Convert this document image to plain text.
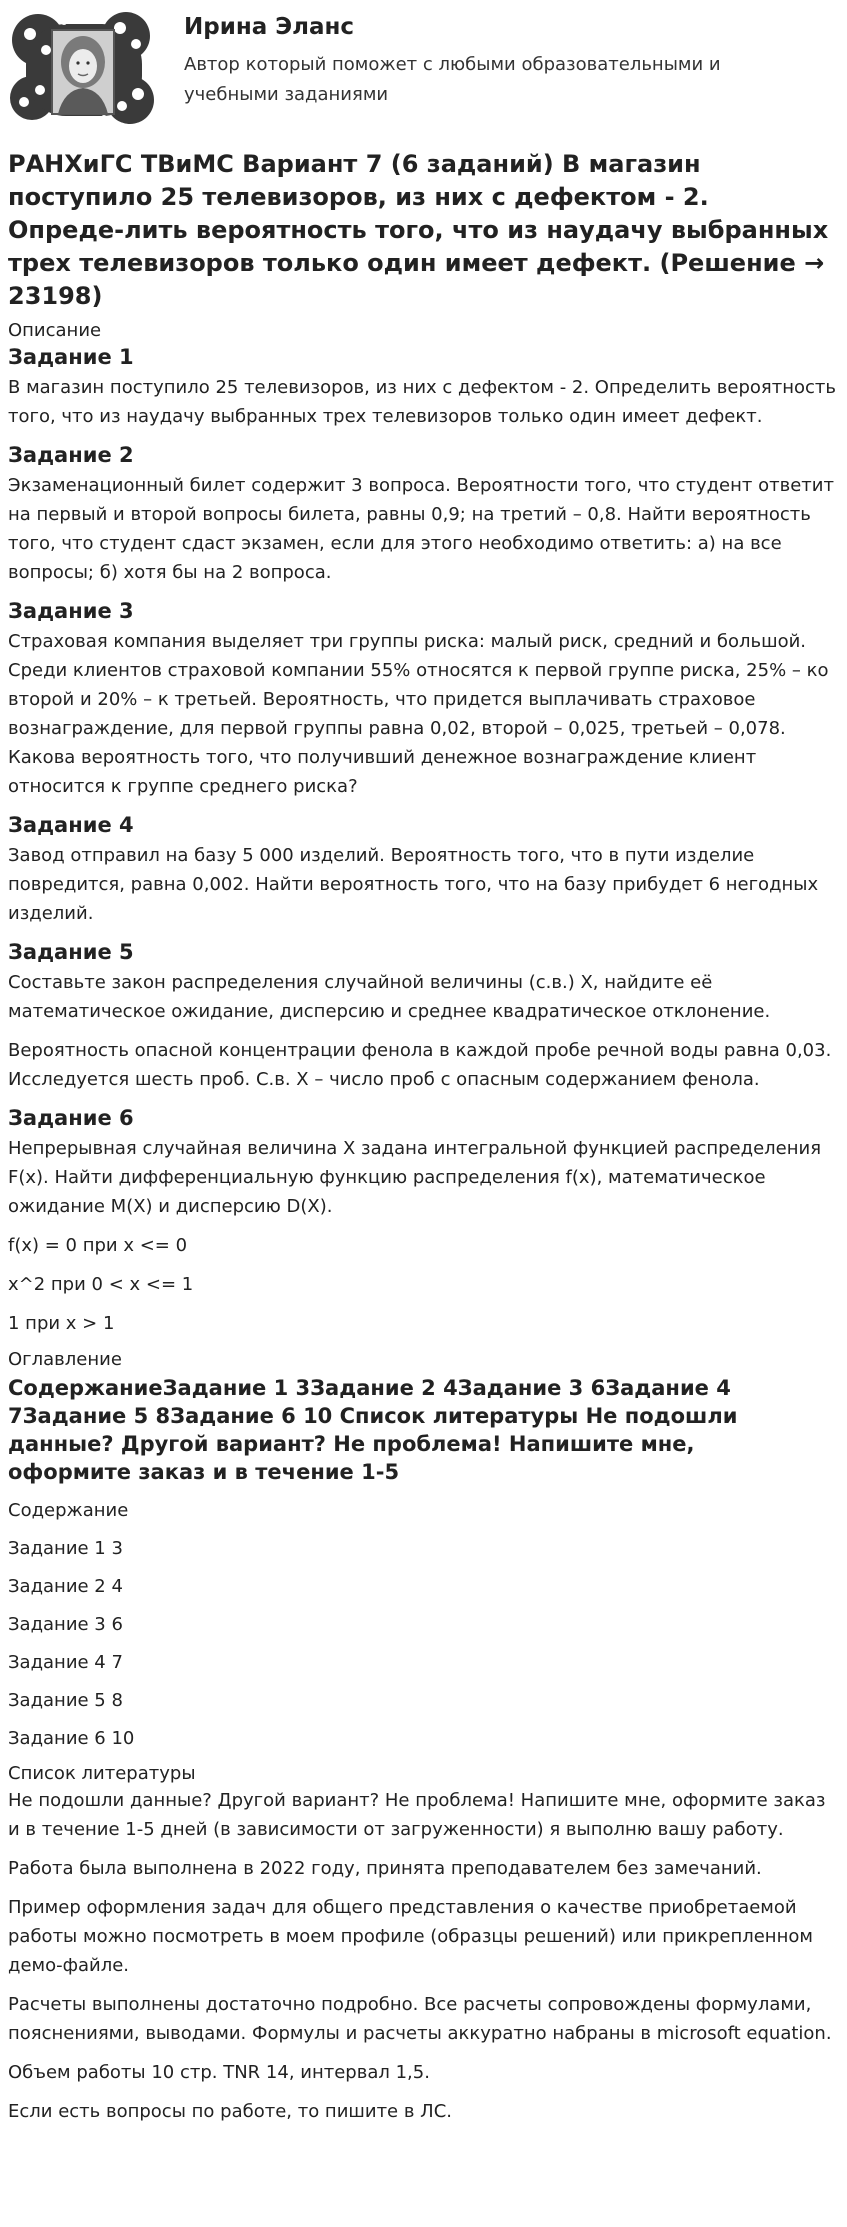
Ирина Эланс
Автор который поможет с любыми образовательными и учебными заданиями
РАНХиГС ТВиМС Вариант 7 (6 заданий) В магазин поступило 25 телевизоров, из них с дефектом - 2. Опреде-лить вероятность того, что из наудачу выбранных трех телевизоров только один имеет дефект. (Решение → 23198)
Описание
Задание 1

В магазин поступило 25 телевизоров, из них с дефектом - 2. Определить вероятность того, что из наудачу выбранных трех телевизоров только один имеет дефект.

Задание 2

Экзаменационный билет содержит 3 вопроса. Вероятности того, что студент ответит на первый и второй вопросы билета, равны 0,9; на третий – 0,8. Найти вероятность того, что студент сдаст экзамен, если для этого необходимо ответить: а) на все вопросы; б) хотя бы на 2 вопроса.

Задание 3

Страховая компания выделяет три группы риска: малый риск, средний и большой. Среди клиентов страховой компании 55% относятся к первой группе риска, 25% – ко второй и 20% – к третьей. Вероятность, что придется выплачивать страховое вознаграждение, для первой группы равна 0,02, второй – 0,025, третьей – 0,078. Какова вероятность того, что получивший денежное вознаграждение клиент относится к группе среднего риска?

Задание 4

Завод отправил на базу 5 000 изделий. Вероятность того, что в пути изделие повредится, равна 0,002. Найти вероятность того, что на базу прибудет 6 негодных изделий.

Задание 5

Составьте закон распределения случайной величины (с.в.) X, найдите её математическое ожидание, дисперсию и среднее квадратическое отклонение.

Вероятность опасной концентрации фенола в каждой пробе речной воды равна 0,03. Исследуется шесть проб. С.в. X – число проб с опасным содержанием фенола.

Задание 6

Непрерывная случайная величина X задана интегральной функцией распределения F(x). Найти дифференциальную функцию распределения f(x), математическое ожидание M(X) и дисперсию D(X).

f(x) = 0 при x <= 0

x^2 при 0 < x <= 1

1 при x > 1

Оглавление
СодержаниеЗадание 1 3Задание 2 4Задание 3 6Задание 4 7Задание 5 8Задание 6 10 Список литературы Не подошли данные? Другой вариант? Не проблема! Напишите мне, оформите заказ и в течение 1-5

Содержание

Задание 1 3

Задание 2 4

Задание 3 6

Задание 4 7

Задание 5 8

Задание 6 10

Список литературы

Не подошли данные? Другой вариант? Не проблема! Напишите мне, оформите заказ и в течение 1-5 дней (в зависимости от загруженности) я выполню вашу работу.

Работа была выполнена в 2022 году, принята преподавателем без замечаний.

Пример оформления задач для общего представления о качестве приобретаемой работы можно посмотреть в моем профиле (образцы решений) или прикрепленном демо-файле.

Расчеты выполнены достаточно подробно. Все расчеты сопровождены формулами, пояснениями, выводами. Формулы и расчеты аккуратно набраны в microsoft equation.

Объем работы 10 стр. TNR 14, интервал 1,5.

Если есть вопросы по работе, то пишите в ЛС.
